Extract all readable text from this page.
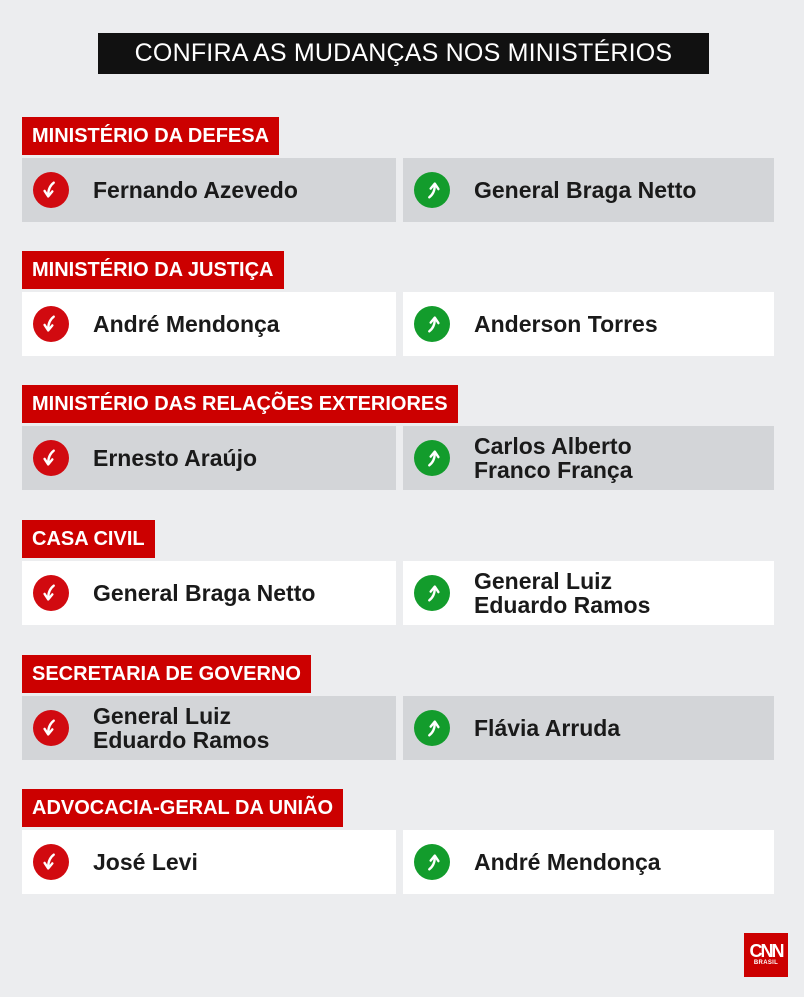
CONFIRA AS MUDANÇAS NOS MINISTÉRIOS
MINISTÉRIO DA DEFESA
Fernando Azevedo	General Braga Netto
MINISTÉRIO DA JUSTIÇA
André Mendonça	Anderson Torres
MINISTÉRIO DAS RELAÇÕES EXTERIORES
Ernesto Araújo	Carlos Alberto
Franco França
CASA CIVIL
General Braga Netto	General Luiz
Eduardo Ramos
SECRETARIA DE GOVERNO
General Luiz
Eduardo Ramos	Flávia Arruda
ADVOCACIA-GERAL DA UNIÃO
José Levi	André Mendonça
CNN
BRASIL
